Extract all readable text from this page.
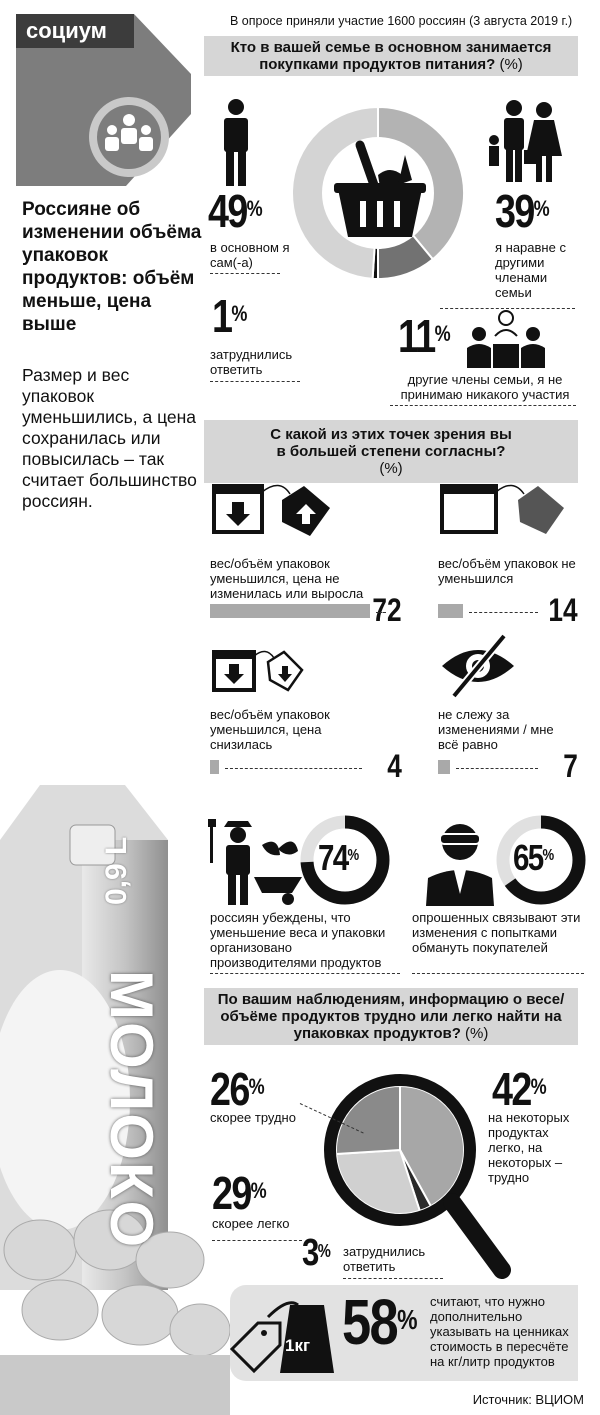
социум
Россияне об изменении объёма упаковок продуктов: объём меньше, цена выше
Размер и вес упаковок уменьшились, а цена сохранилась или повысилась – так считает большинство россиян.
0,9 L
МОЛОКО
В опросе приняли участие 1600 россиян (3 августа 2019 г.)
Кто в вашей семье в основном занимается покупками продуктов питания? (%)
49%
в основном я сам(-а)
39%
я наравне с другими членами семьи
1%
затруднились ответить
11%
другие члены семьи, я не принимаю никакого участия
С какой из этих точек зрения вы в большей степени согласны? (%)
вес/объём упаковок уменьшился, цена не изменилась или выросла
вес/объём упаковок не уменьшился
вес/объём упаковок уменьшился, цена снизилась
не слежу за изменениями / мне всё равно
72	14
4	7
74%
россиян убеждены, что уменьшение веса и упаковки организовано производителями продуктов
65%
опрошенных связывают эти изменения с попытками обмануть покупателей
По вашим наблюдениям, информацию о весе/объёме продуктов трудно или легко найти на упаковках продуктов? (%)
26%
скорее трудно
42%
на некоторых продуктах легко, на некоторых – трудно
29%
скорее легко
3% затруднились ответить
1кг 58%
считают, что нужно дополнительно указывать на ценниках стоимость в пересчёте на кг/литр продуктов
Источник: ВЦИОМ
